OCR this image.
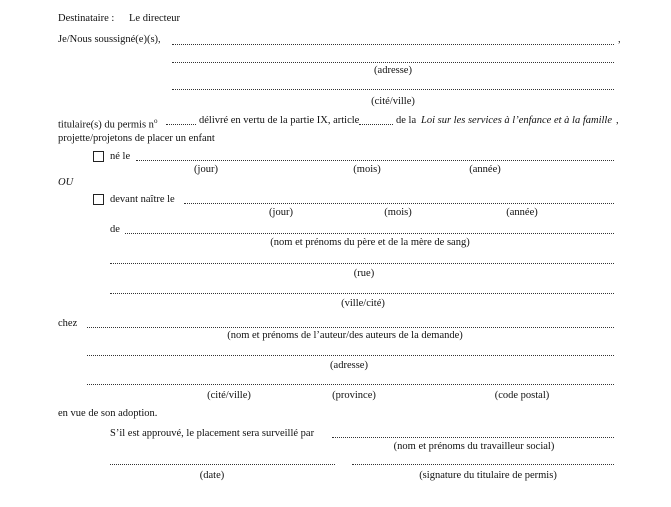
Destinataire : Le directeur
Je/Nous soussigné(e)(s),	,
(adresse)
(cité/ville)
titulaire(s) du permis $n^o$	délivré en vertu de la partie IX, article	de la Loi sur les services à l’enfance et à la famille ,
projette/projetons de placer un enfant
né le
(jour)	(mois)	(année)
OU
devant naître le
(jour)	(mois)	(année)
de
(nom et prénoms du père et de la mère de sang)
(rue)
(ville/cité)
chez
(nom et prénoms de l’auteur/des auteurs de la demande)
(adresse)
(cité/ville)	(province)	(code postal)
en vue de son adoption.
S’il est approuvé, le placement sera surveillé par
(nom et prénoms du travailleur social)
(date)	(signature du titulaire de permis)
